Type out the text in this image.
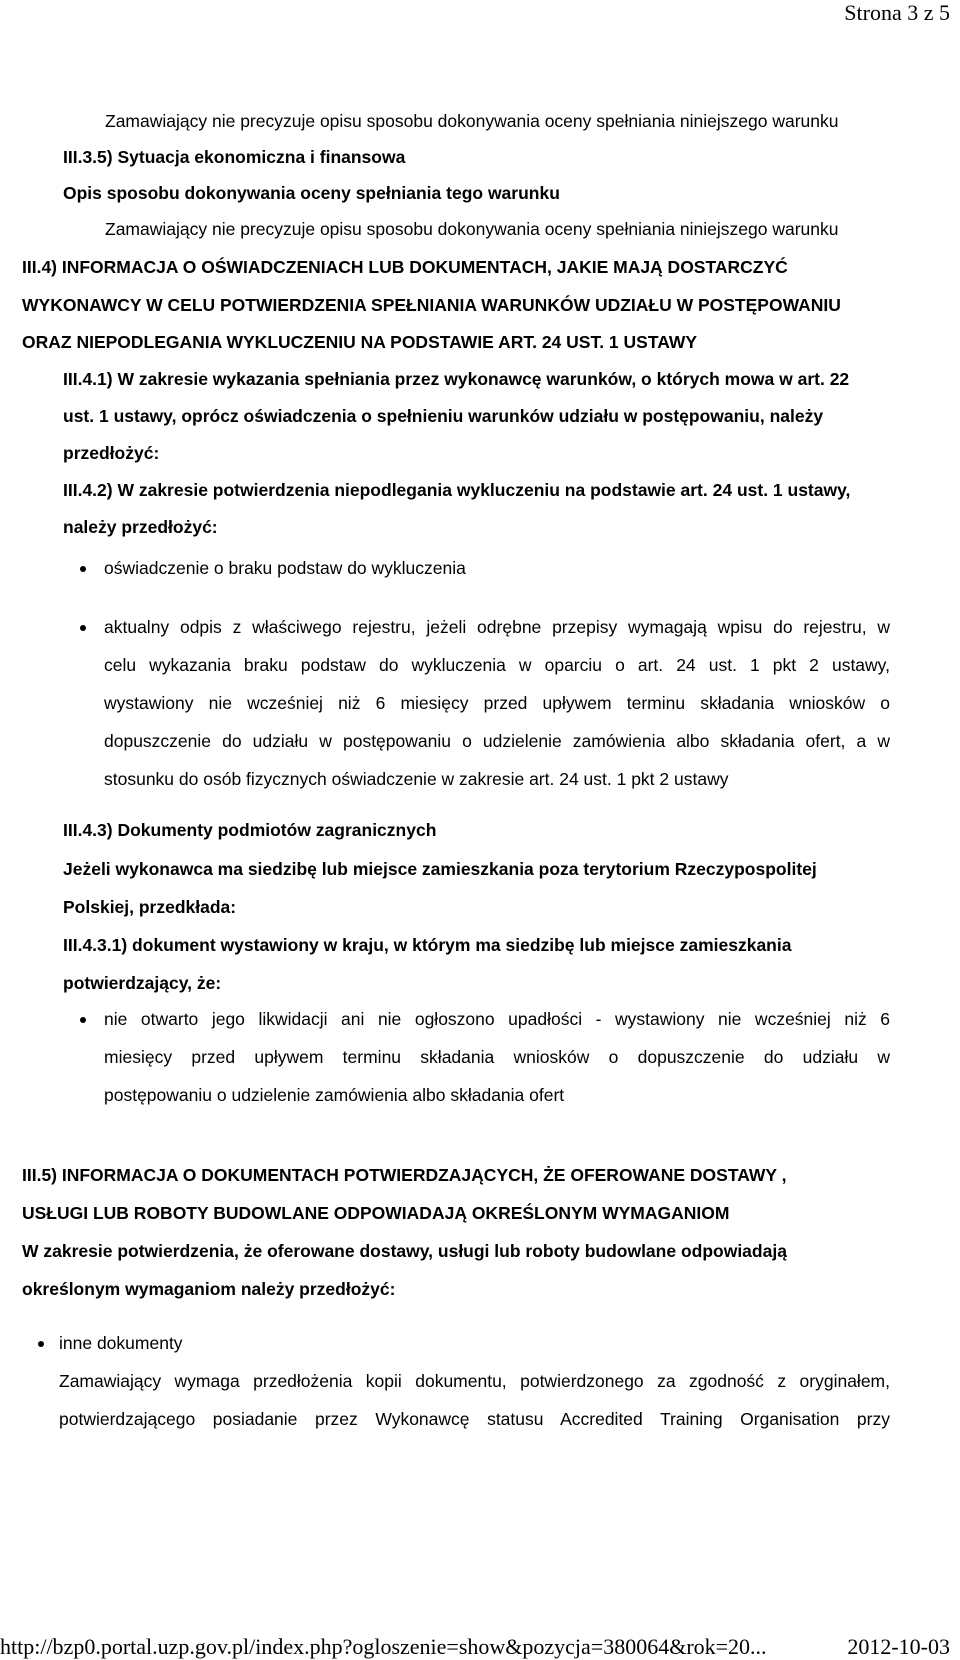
Strona 3 z 5
Zamawiający nie precyzuje opisu sposobu dokonywania oceny spełniania niniejszego warunku
III.3.5) Sytuacja ekonomiczna i finansowa
Opis sposobu dokonywania oceny spełniania tego warunku
Zamawiający nie precyzuje opisu sposobu dokonywania oceny spełniania niniejszego warunku
III.4) INFORMACJA O OŚWIADCZENIACH LUB DOKUMENTACH, JAKIE MAJĄ DOSTARCZYĆ
WYKONAWCY W CELU POTWIERDZENIA SPEŁNIANIA WARUNKÓW UDZIAŁU W POSTĘPOWANIU
ORAZ NIEPODLEGANIA WYKLUCZENIU NA PODSTAWIE ART. 24 UST. 1 USTAWY
III.4.1) W zakresie wykazania spełniania przez wykonawcę warunków, o których mowa w art. 22
ust. 1 ustawy, oprócz oświadczenia o spełnieniu warunków udziału w postępowaniu, należy
przedłożyć:
III.4.2) W zakresie potwierdzenia niepodlegania wykluczeniu na podstawie art. 24 ust. 1 ustawy,
należy przedłożyć:
oświadczenie o braku podstaw do wykluczenia
aktualny odpis z właściwego rejestru, jeżeli odrębne przepisy wymagają wpisu do rejestru, w
celu wykazania braku podstaw do wykluczenia w oparciu o art. 24 ust. 1 pkt 2 ustawy,
wystawiony nie wcześniej niż 6 miesięcy przed upływem terminu składania wniosków o
dopuszczenie do udziału w postępowaniu o udzielenie zamówienia albo składania ofert, a w
stosunku do osób fizycznych oświadczenie w zakresie art. 24 ust. 1 pkt 2 ustawy
III.4.3) Dokumenty podmiotów zagranicznych
Jeżeli wykonawca ma siedzibę lub miejsce zamieszkania poza terytorium Rzeczypospolitej
Polskiej, przedkłada:
III.4.3.1) dokument wystawiony w kraju, w którym ma siedzibę lub miejsce zamieszkania
potwierdzający, że:
nie otwarto jego likwidacji ani nie ogłoszono upadłości - wystawiony nie wcześniej niż 6
miesięcy przed upływem terminu składania wniosków o dopuszczenie do udziału w
postępowaniu o udzielenie zamówienia albo składania ofert
III.5) INFORMACJA O DOKUMENTACH POTWIERDZAJĄCYCH, ŻE OFEROWANE DOSTAWY ,
USŁUGI LUB ROBOTY BUDOWLANE ODPOWIADAJĄ OKREŚLONYM WYMAGANIOM
W zakresie potwierdzenia, że oferowane dostawy, usługi lub roboty budowlane odpowiadają
określonym wymaganiom należy przedłożyć:
inne dokumenty
Zamawiający wymaga przedłożenia kopii dokumentu, potwierdzonego za zgodność z oryginałem,
potwierdzającego posiadanie przez Wykonawcę statusu Accredited Training Organisation przy
http://bzp0.portal.uzp.gov.pl/index.php?ogloszenie=show&pozycja=380064&rok=20...	2012-10-03
